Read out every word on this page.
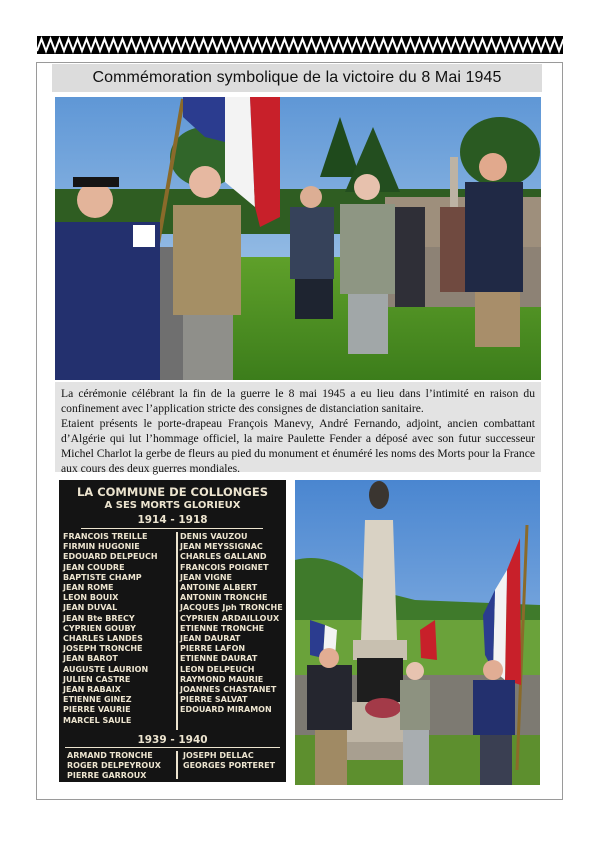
Commémoration symbolique de la victoire du 8 Mai 1945

La cérémonie célébrant la fin de la guerre le 8 mai 1945 a eu lieu dans l’intimité en raison du confinement avec l’application stricte des consignes de distanciation sanitaire.

Etaient présents le porte-drapeau François Manevy, André Fernando, adjoint, ancien combattant d’Algérie qui lut l’hommage officiel, la maire Paulette Fender a déposé avec son futur successeur Michel Charlot la gerbe de fleurs au pied du monument et énuméré les noms des Morts pour la France aux cours des deux guerres mondiales.

LA COMMUNE DE COLLONGES
A SES MORTS GLORIEUX
1914 - 1918
FRANCOIS TREILLE
FIRMIN HUGONIE
EDOUARD DELPEUCH
JEAN COUDRE
BAPTISTE CHAMP
JEAN ROME
LEON BOUIX
JEAN DUVAL
JEAN Bte BRECY
CYPRIEN GOUBY
CHARLES LANDES
JOSEPH TRONCHE
JEAN BAROT
AUGUSTE LAURION
JULIEN CASTRE
JEAN RABAIX
ETIENNE GINEZ
PIERRE VAURIE
MARCEL SAULE
DENIS VAUZOU
JEAN MEYSSIGNAC
CHARLES GALLAND
FRANCOIS POIGNET
JEAN VIGNE
ANTOINE ALBERT
ANTONIN TRONCHE
JACQUES Jph TRONCHE
CYPRIEN ARDAILLOUX
ETIENNE TRONCHE
JEAN DAURAT
PIERRE LAFON
ETIENNE DAURAT
LEON DELPEUCH
RAYMOND MAURIE
JOANNES CHASTANET
PIERRE SALVAT
EDOUARD MIRAMON
1939 - 1940
ARMAND TRONCHE
ROGER DELPEYROUX
PIERRE GARROUX
JOSEPH DELLAC
GEORGES PORTERET
